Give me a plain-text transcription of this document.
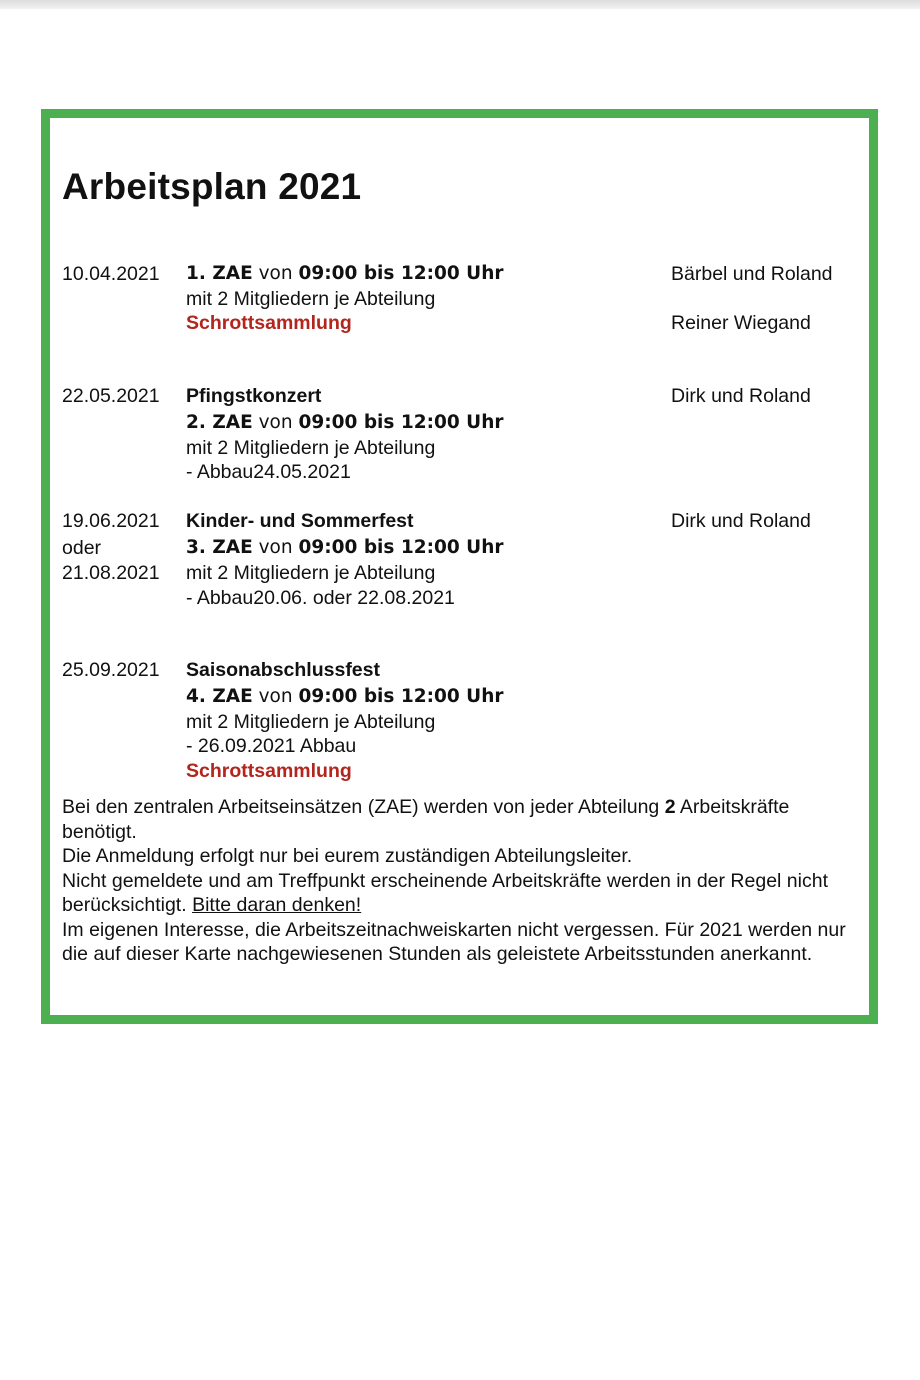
Arbeitsplan 2021
10.04.2021 1. ZAE von 09:00 bis 12:00 Uhr
mit 2 Mitgliedern je Abteilung
Schrottsammlung
Bärbel und Roland
Reiner Wiegand
22.05.2021 Pfingstkonzert
2. ZAE von 09:00 bis 12:00 Uhr
mit 2 Mitgliedern je Abteilung
- Abbau24.05.2021
Dirk und Roland
19.06.2021
oder
21.08.2021
Kinder- und Sommerfest
3. ZAE von 09:00 bis 12:00 Uhr
mit 2 Mitgliedern je Abteilung
- Abbau20.06. oder 22.08.2021
Dirk und Roland
25.09.2021 Saisonabschlussfest
4. ZAE von 09:00 bis 12:00 Uhr
mit 2 Mitgliedern je Abteilung
- 26.09.2021 Abbau
Schrottsammlung

Bei den zentralen Arbeitseinsätzen (ZAE) werden von jeder Abteilung 2 Arbeitskräfte benötigt.

Die Anmeldung erfolgt nur bei eurem zuständigen Abteilungsleiter.

Nicht gemeldete und am Treffpunkt erscheinende Arbeitskräfte werden in der Regel nicht berücksichtigt. Bitte daran denken!

Im eigenen Interesse, die Arbeitszeitnachweiskarten nicht vergessen. Für 2021 werden nur die auf dieser Karte nachgewiesenen Stunden als geleistete Arbeitsstunden anerkannt.
